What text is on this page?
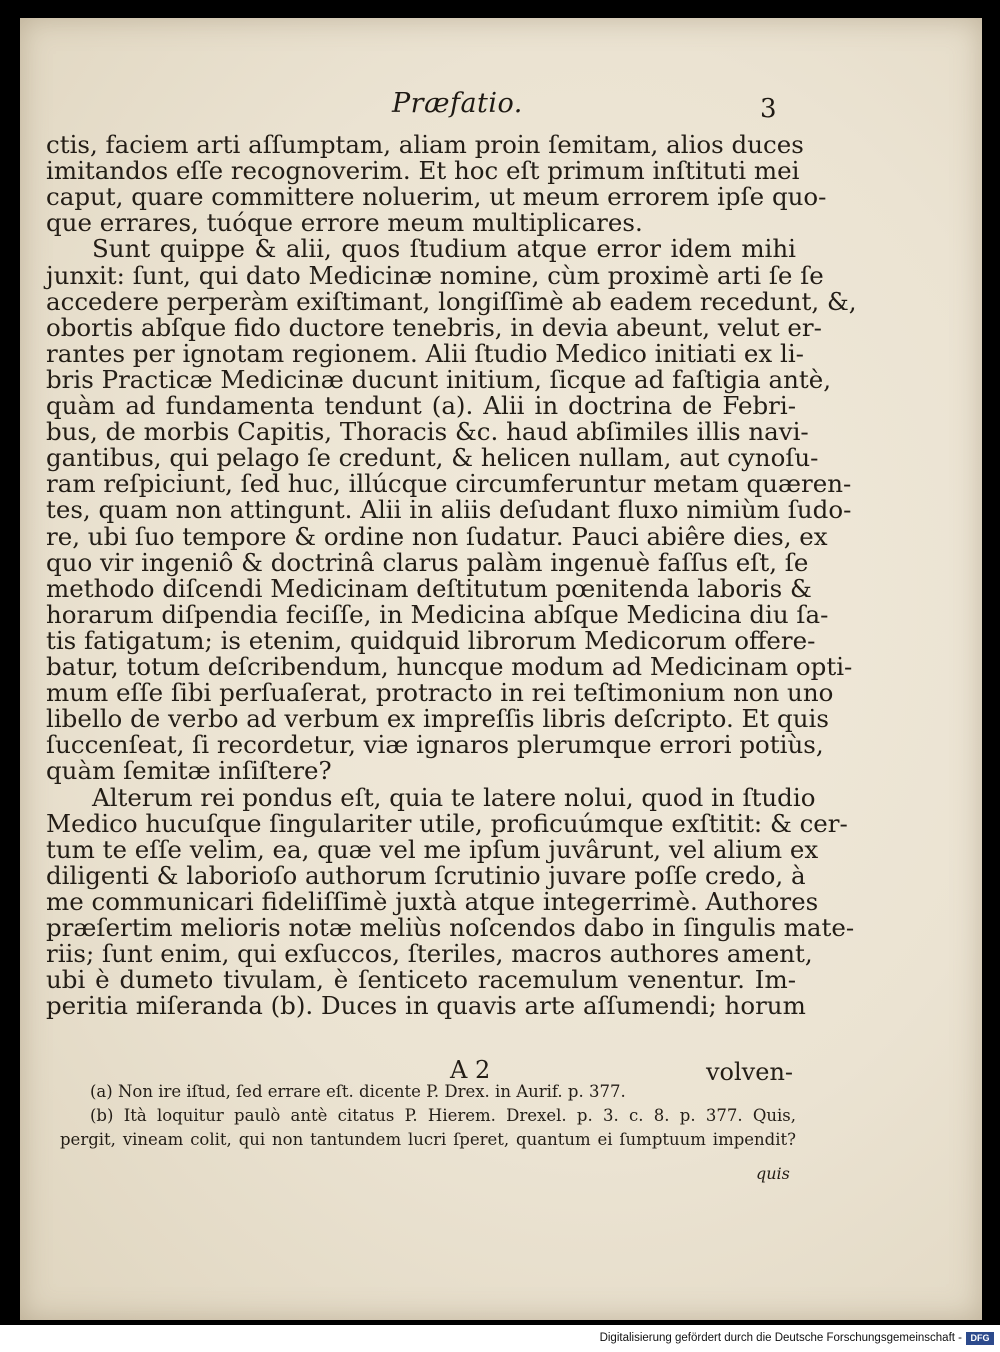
Præfatio.	3
ctis, faciem arti aſſumptam, aliam proin ſemitam, alios duces
imitandos eſſe recognoverim. Et hoc eſt primum inſtituti mei
caput, quare committere noluerim, ut meum errorem ipſe quo-
que errares, tuóque errore meum multiplicares.
Sunt quippe & alii, quos ſtudium atque error idem mihi
junxit: ſunt, qui dato Medicinæ nomine, cùm proximè arti ſe ſe
accedere perperàm exiſtimant, longiſſimè ab eadem recedunt, &,
obortis abſque fido ductore tenebris, in devia abeunt, velut er-
rantes per ignotam regionem. Alii ſtudio Medico initiati ex li-
bris Practicæ Medicinæ ducunt initium, ſicque ad faſtigia antè,
quàm ad fundamenta tendunt (a). Alii in doctrina de Febri-
bus, de morbis Capitis, Thoracis &c. haud abſimiles illis navi-
gantibus, qui pelago ſe credunt, & helicen nullam, aut cynoſu-
ram reſpiciunt, ſed huc, illúcque circumferuntur metam quæren-
tes, quam non attingunt. Alii in aliis deſudant fluxo nimiùm ſudo-
re, ubi ſuo tempore & ordine non ſudatur. Pauci abiêre dies, ex
quo vir ingeniô & doctrinâ clarus palàm ingenuè faſſus eſt, ſe
methodo diſcendi Medicinam deſtitutum pœnitenda laboris &
horarum diſpendia feciſſe, in Medicina abſque Medicina diu ſa-
tis fatigatum; is etenim, quidquid librorum Medicorum offere-
batur, totum deſcribendum, huncque modum ad Medicinam opti-
mum eſſe ſibi perſuaſerat, protracto in rei teſtimonium non uno
libello de verbo ad verbum ex impreſſis libris deſcripto. Et quis
ſuccenſeat, ſi recordetur, viæ ignaros plerumque errori potiùs,
quàm ſemitæ inſiſtere?
Alterum rei pondus eſt, quia te latere nolui, quod in ſtudio
Medico hucuſque ſingulariter utile, proficuúmque exſtitit: & cer-
tum te eſſe velim, ea, quæ vel me ipſum juvârunt, vel alium ex
diligenti & laborioſo authorum ſcrutinio juvare poſſe credo, à
me communicari fideliſſimè juxtà atque integerrimè. Authores
præſertim melioris notæ meliùs noſcendos dabo in ſingulis mate-
riis; ſunt enim, qui exſuccos, ſteriles, macros authores ament,
ubi è dumeto tivulam, è ſenticeto racemulum venentur. Im-
peritia miſeranda (b). Duces in quavis arte aſſumendi; horum
A 2	volven-
(a) Non ire iſtud, ſed errare eſt. dicente P. Drex. in Aurif. p. 377.
(b) Ità loquitur paulò antè citatus P. Hierem. Drexel. p. 3. c. 8. p. 377. Quis,
pergit, vineam colit, qui non tantundem lucri ſperet, quantum ei ſumptuum impendit?
quis
Digitalisierung gefördert durch die Deutsche Forschungsgemeinschaft - DFG
